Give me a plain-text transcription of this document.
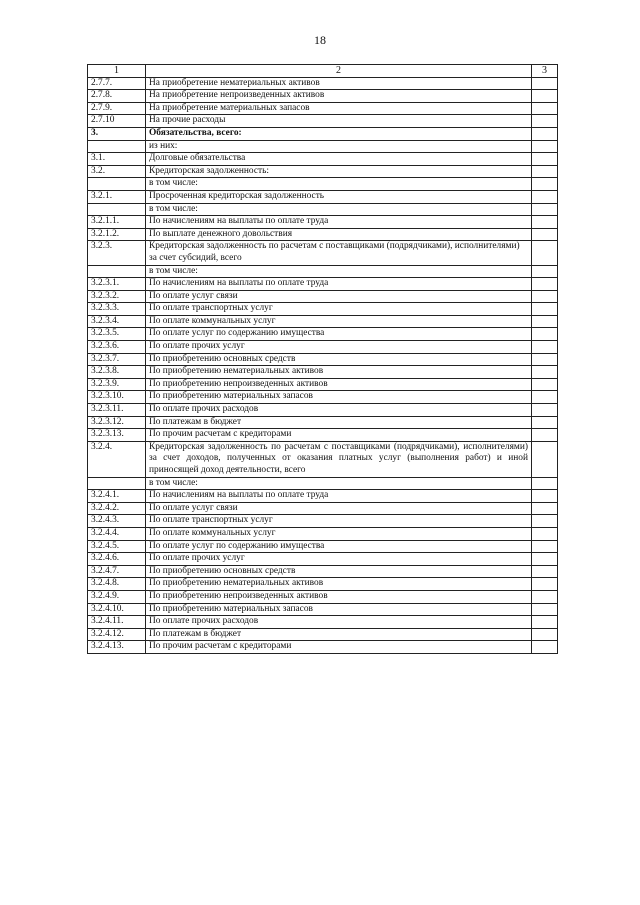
18
1	2	3
2.7.7.	На приобретение нематериальных активов	
2.7.8.	На приобретение непроизведенных активов	
2.7.9.	На приобретение материальных запасов	
2.7.10	На прочие расходы	
3.	Обязательства, всего:	
	из них:	
3.1.	Долговые обязательства	
3.2.	Кредиторская задолженность:	
	в том числе:	
3.2.1.	Просроченная кредиторская задолженность	
	в том числе:	
3.2.1.1.	По начислениям на выплаты по оплате труда	
3.2.1.2.	По выплате денежного довольствия	
3.2.3.	Кредиторская задолженность по расчетам с поставщиками (подрядчиками), исполнителями) за счет субсидий, всего	
	в том числе:	
3.2.3.1.	По начислениям на выплаты по оплате труда	
3.2.3.2.	По оплате услуг связи	
3.2.3.3.	По оплате транспортных услуг	
3.2.3.4.	По оплате коммунальных услуг	
3.2.3.5.	По оплате услуг по содержанию имущества	
3.2.3.6.	По оплате прочих услуг	
3.2.3.7.	По приобретению основных средств	
3.2.3.8.	По приобретению нематериальных активов	
3.2.3.9.	По приобретению непроизведенных активов	
3.2.3.10.	По приобретению материальных запасов	
3.2.3.11.	По оплате прочих расходов	
3.2.3.12.	По платежам в бюджет	
3.2.3.13.	По прочим расчетам с кредиторами	
3.2.4.	Кредиторская задолженность по расчетам с поставщиками (подрядчиками), исполнителями) за счет доходов, полученных от оказания платных услуг (выполнения работ) и иной приносящей доход деятельности, всего	
	в том числе:	
3.2.4.1.	По начислениям на выплаты по оплате труда	
3.2.4.2.	По оплате услуг связи	
3.2.4.3.	По оплате транспортных услуг	
3.2.4.4.	По оплате коммунальных услуг	
3.2.4.5.	По оплате услуг по содержанию имущества	
3.2.4.6.	По оплате прочих услуг	
3.2.4.7.	По приобретению основных средств	
3.2.4.8.	По приобретению нематериальных активов	
3.2.4.9.	По приобретению непроизведенных активов	
3.2.4.10.	По приобретению материальных запасов	
3.2.4.11.	По оплате прочих расходов	
3.2.4.12.	По платежам в бюджет	
3.2.4.13.	По прочим расчетам с кредиторами	
